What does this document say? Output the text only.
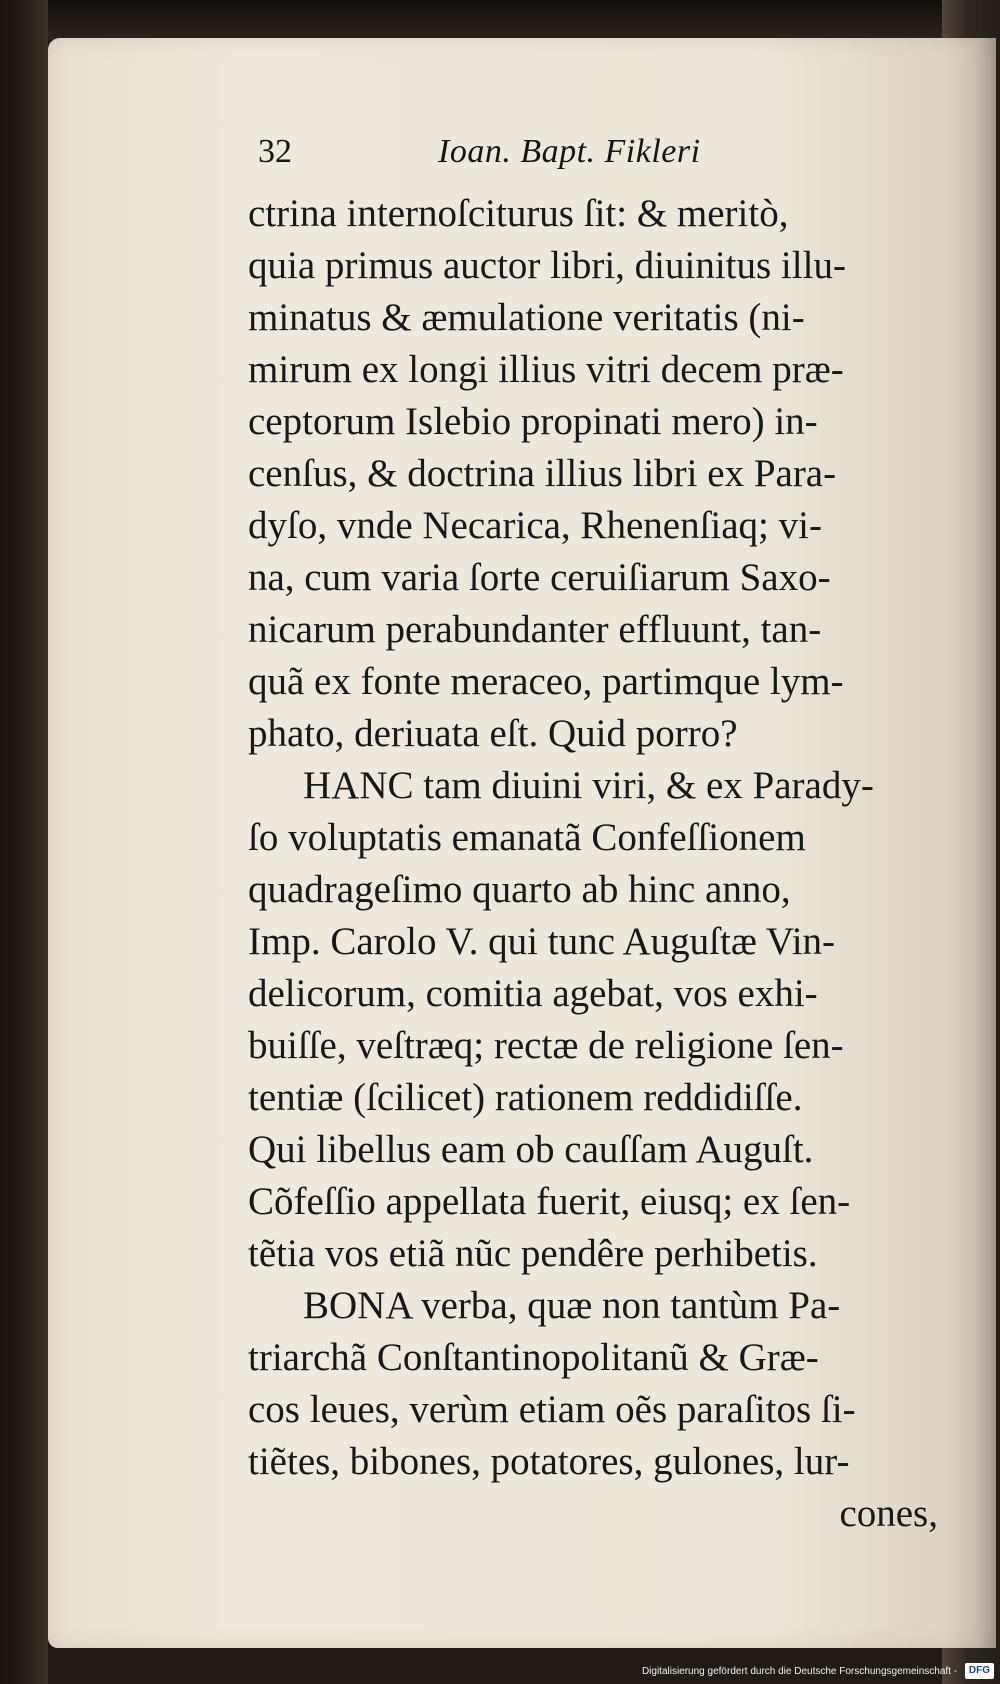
32	Ioan. Bapt. Fikleri
ctrina internoſciturus ſit: & meritò,
quia primus auctor libri, diuinitus illu-
minatus & æmulatione veritatis (ni-
mirum ex longi illius vitri decem præ-
ceptorum Islebio propinati mero) in-
cenſus, & doctrina illius libri ex Para-
dyſo, vnde Necarica, Rhenenſiaq; vi-
na, cum varia ſorte ceruiſiarum Saxo-
nicarum perabundanter effluunt, tan-
quã ex fonte meraceo, partimque lym-
phato, deriuata eſt. Quid porro?
HANC tam diuini viri, & ex Parady-
ſo voluptatis emanatã Confeſſionem
quadrageſimo quarto ab hinc anno,
Imp. Carolo V. qui tunc Auguſtæ Vin-
delicorum, comitia agebat, vos exhi-
buiſſe, veſtræq; rectæ de religione ſen-
tentiæ (ſcilicet) rationem reddidiſſe.
Qui libellus eam ob cauſſam Auguſt.
Cõfeſſio appellata fuerit, eiusq; ex ſen-
tẽtia vos etiã nũc pendêre perhibetis.
BONA verba, quæ non tantùm Pa-
triarchã Conſtantinopolitanũ & Græ-
cos leues, verùm etiam oẽs paraſitos ſi-
tiẽtes, bibones, potatores, gulones, lur-
cones,
Digitalisierung gefördert durch die Deutsche Forschungsgemeinschaft - DFG
